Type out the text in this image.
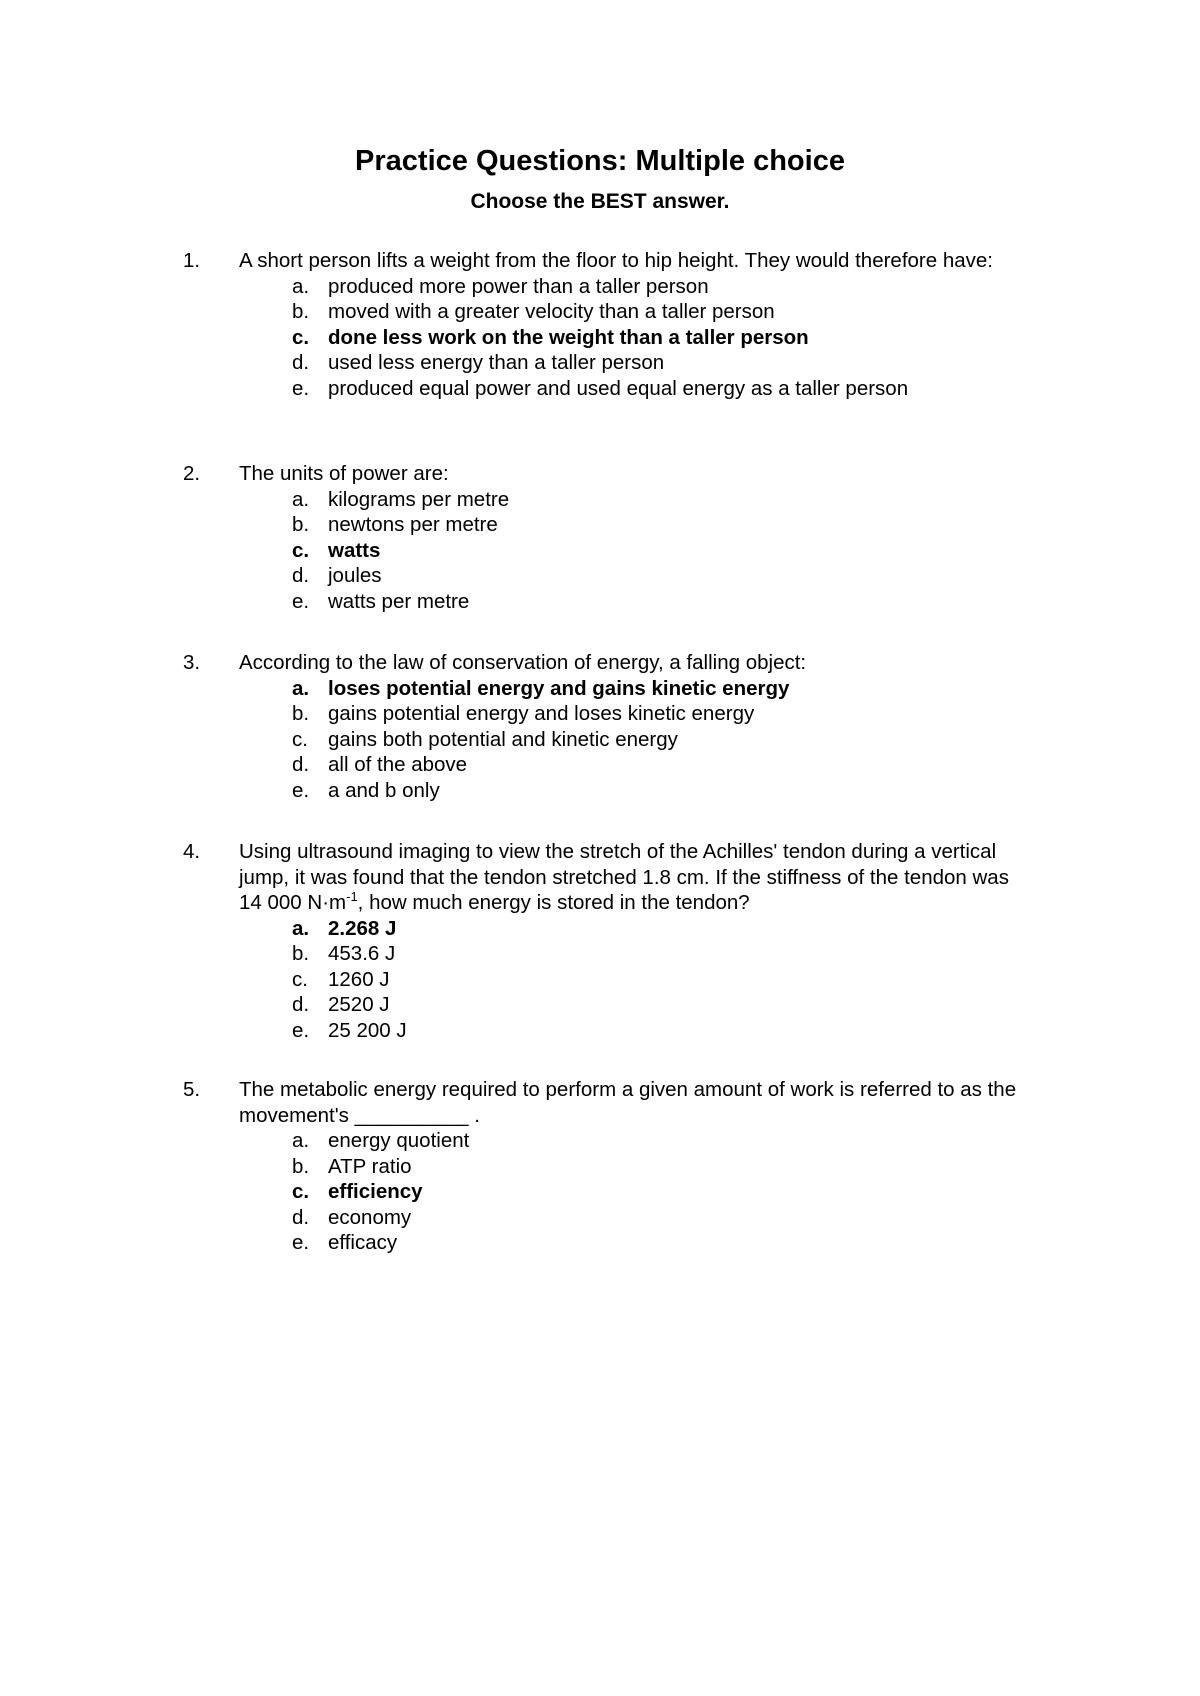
Practice Questions: Multiple choice
Choose the BEST answer.
1. A short person lifts a weight from the floor to hip height. They would therefore have:
a. produced more power than a taller person
b. moved with a greater velocity than a taller person
c. done less work on the weight than a taller person
d. used less energy than a taller person
e. produced equal power and used equal energy as a taller person
2. The units of power are:
a. kilograms per metre
b. newtons per metre
c. watts
d. joules
e. watts per metre
3. According to the law of conservation of energy, a falling object:
a. loses potential energy and gains kinetic energy
b. gains potential energy and loses kinetic energy
c. gains both potential and kinetic energy
d. all of the above
e. a and b only
4. Using ultrasound imaging to view the stretch of the Achilles' tendon during a vertical jump, it was found that the tendon stretched 1.8 cm. If the stiffness of the tendon was 14 000 $N\cdot m^{-1}$, how much energy is stored in the tendon?
a. 2.268 J
b. 453.6 J
c. 1260 J
d. 2520 J
e. 25 200 J
5. The metabolic energy required to perform a given amount of work is referred to as the movement's __________ .
a. energy quotient
b. ATP ratio
c. efficiency
d. economy
e. efficacy
